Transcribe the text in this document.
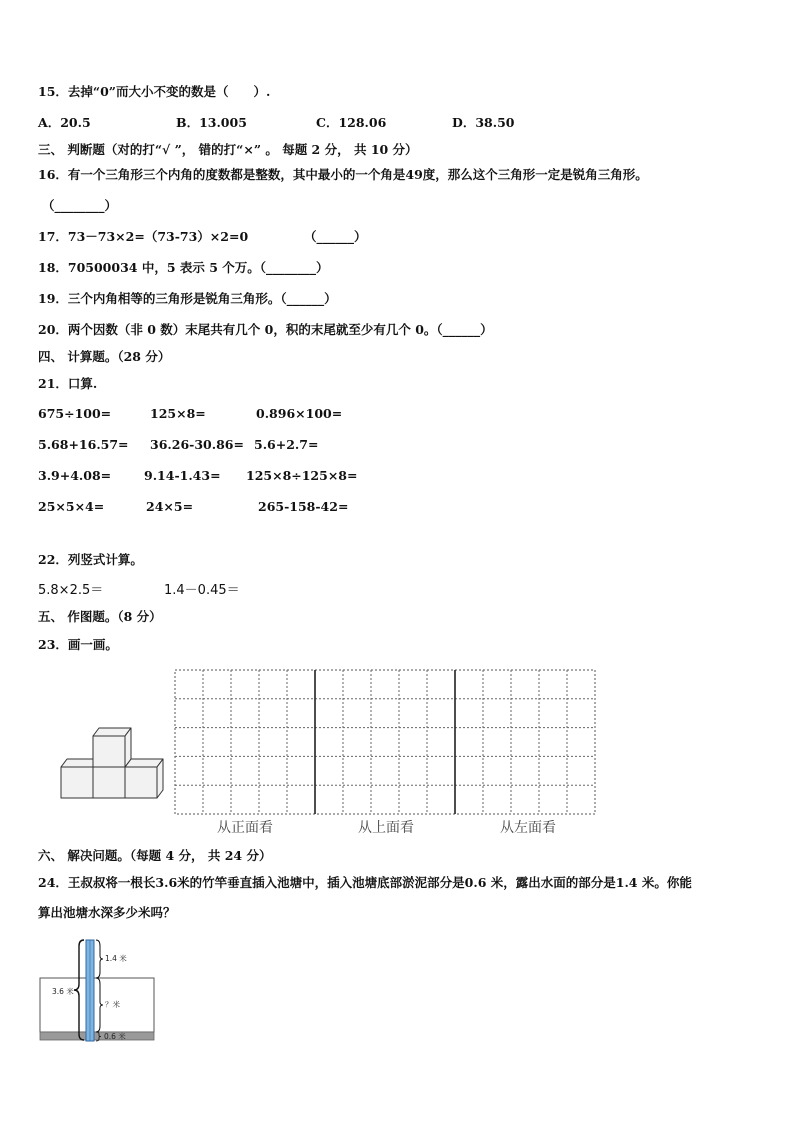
15．去掉“0”而大小不变的数是（　　）.
A．20.5	B．13.005	C．128.06	D．38.50
三、 判断题（对的打“√ ”， 错的打“×” 。 每题 2 分， 共 10 分）
16．有一个三角形三个内角的度数都是整数，其中最小的一个角是49度，那么这个三角形一定是锐角三角形。
（________）
17．73－73×2=（73-73）×2=0	（______）
18．70500034 中，5 表示 5 个万。（________）
19．三个内角相等的三角形是锐角三角形。（______）
20．两个因数（非 0 数）末尾共有几个 0，积的末尾就至少有几个 0。（______）
四、 计算题。（28 分）
21．口算.
675÷100=	125×8=	0.896×100=
5.68+16.57= 36.26-30.86= 5.6+2.7=
3.9+4.08=	9.14-1.43= 125×8÷125×8=
25×5×4=	24×5=	265-158-42=
22．列竖式计算。
5.8×2.5＝	1.4－0.45＝
五、 作图题。（8 分）
23．画一画。
从正面看	从上面看	从左面看
六、 解决问题。（每题 4 分， 共 24 分）
24．王叔叔将一根长3.6米的竹竿垂直插入池塘中，插入池塘底部淤泥部分是0.6 米，露出水面的部分是1.4 米。你能
算出池塘水深多少米吗？
3.6 米
1.4 米
？米
0.6 米
